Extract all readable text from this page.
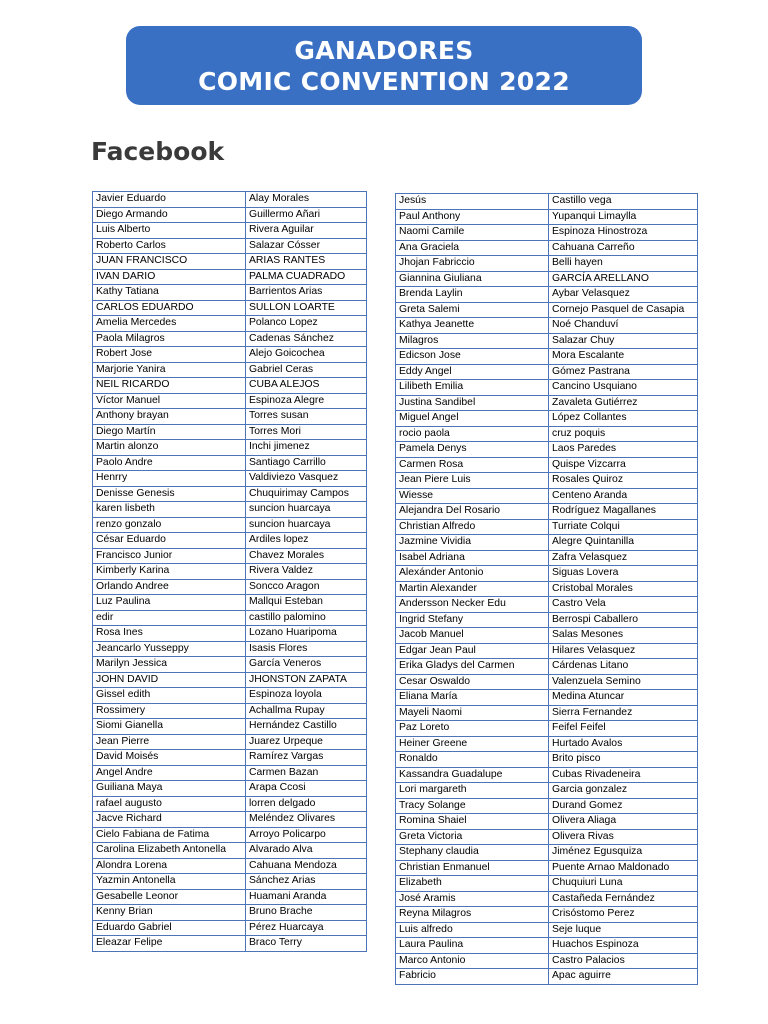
GANADORES
COMIC CONVENTION 2022
Facebook
Javier Eduardo	Alay Morales
Diego Armando	Guillermo Añari
Luis Alberto	Rivera Aguilar
Roberto Carlos	Salazar Cósser
JUAN FRANCISCO	ARIAS RANTES
IVAN DARIO	PALMA CUADRADO
Kathy Tatiana	Barrientos Arias
CARLOS EDUARDO	SULLON LOARTE
Amelia Mercedes	Polanco Lopez
Paola Milagros	Cadenas Sánchez
Robert Jose	Alejo Goicochea
Marjorie Yanira	Gabriel Ceras
NEIL RICARDO	CUBA ALEJOS
Víctor Manuel	Espinoza Alegre
Anthony brayan	Torres susan
Diego Martín	Torres Mori
Martin alonzo	Inchi jimenez
Paolo Andre	Santiago Carrillo
Henrry	Valdiviezo Vasquez
Denisse Genesis	Chuquirimay Campos
karen lisbeth	suncion huarcaya
renzo gonzalo	suncion huarcaya
César Eduardo	Ardiles lopez
Francisco Junior	Chavez Morales
Kimberly Karina	Rivera Valdez
Orlando Andree	Soncco Aragon
Luz Paulina	Mallqui Esteban
edir	castillo palomino
Rosa Ines	Lozano Huaripoma
Jeancarlo Yusseppy	Isasis Flores
Marilyn Jessica	García Veneros
JOHN DAVID	JHONSTON ZAPATA
Gissel edith	Espinoza loyola
Rossimery	Achallma Rupay
Siomi Gianella	Hernández Castillo
Jean Pierre	Juarez Urpeque
David Moisés	Ramírez Vargas
Angel Andre	Carmen Bazan
Guiliana Maya	Arapa Ccosi
rafael augusto	lorren delgado
Jacve Richard	Meléndez Olivares
Cielo Fabiana de Fatima	Arroyo Policarpo
Carolina Elizabeth Antonella	Alvarado Alva
Alondra Lorena	Cahuana Mendoza
Yazmin Antonella	Sánchez Arias
Gesabelle Leonor	Huamani Aranda
Kenny Brian	Bruno Brache
Eduardo Gabriel	Pérez Huarcaya
Eleazar Felipe	Braco Terry
Jesús	Castillo vega
Paul Anthony	Yupanqui Limaylla
Naomi Camile	Espinoza Hinostroza
Ana Graciela	Cahuana Carreño
Jhojan Fabriccio	Belli hayen
Giannina Giuliana	GARCÍA ARELLANO
Brenda Laylin	Aybar Velasquez
Greta Salemi	Cornejo Pasquel de Casapia
Kathya Jeanette	Noé Chanduví
Milagros	Salazar Chuy
Edicson Jose	Mora Escalante
Eddy Angel	Gómez Pastrana
Lilibeth Emilia	Cancino Usquiano
Justina Sandibel	Zavaleta Gutiérrez
Miguel Angel	López Collantes
rocio paola	cruz poquis
Pamela Denys	Laos Paredes
Carmen Rosa	Quispe Vizcarra
Jean Piere Luis	Rosales Quiroz
Wiesse	Centeno Aranda
Alejandra Del Rosario	Rodríguez Magallanes
Christian Alfredo	Turriate Colqui
Jazmine Vividia	Alegre Quintanilla
Isabel Adriana	Zafra Velasquez
Alexánder Antonio	Siguas Lovera
Martin Alexander	Cristobal Morales
Andersson Necker Edu	Castro Vela
Ingrid Stefany	Berrospi Caballero
Jacob Manuel	Salas Mesones
Edgar Jean Paul	Hilares Velasquez
Erika Gladys del Carmen	Cárdenas Litano
Cesar Oswaldo	Valenzuela Semino
Eliana María	Medina Atuncar
Mayeli Naomi	Sierra Fernandez
Paz Loreto	Feifel Feifel
Heiner Greene	Hurtado Avalos
Ronaldo	Brito pisco
Kassandra Guadalupe	Cubas Rivadeneira
Lori margareth	Garcia gonzalez
Tracy Solange	Durand Gomez
Romina Shaiel	Olivera Aliaga
Greta Victoria	Olivera Rivas
Stephany claudia	Jiménez Egusquiza
Christian Enmanuel	Puente Arnao Maldonado
Elizabeth	Chuquiuri Luna
José Aramis	Castañeda Fernández
Reyna Milagros	Crisóstomo Perez
Luis alfredo	Seje luque
Laura Paulina	Huachos Espinoza
Marco Antonio	Castro Palacios
Fabricio	Apac aguirre
